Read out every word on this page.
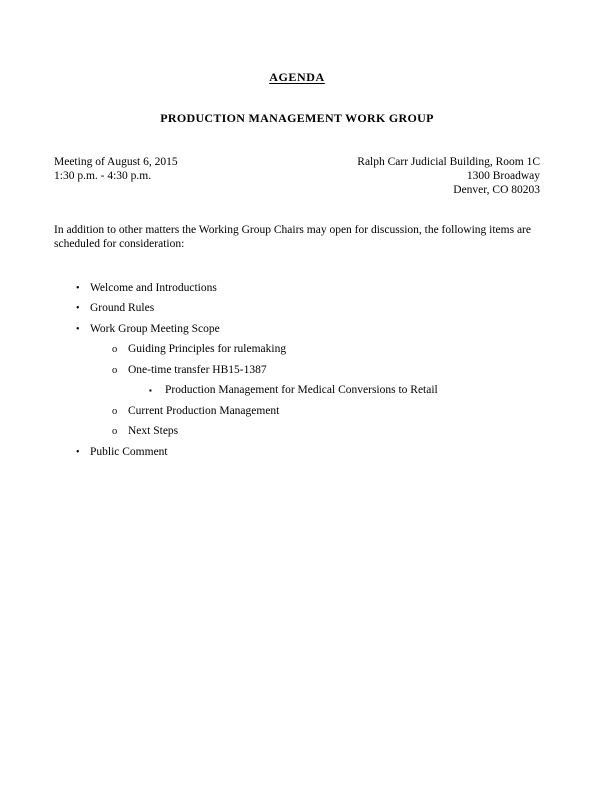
AGENDA
PRODUCTION MANAGEMENT WORK GROUP
Meeting of August 6, 2015
1:30 p.m. - 4:30 p.m.
Ralph Carr Judicial Building, Room 1C
1300 Broadway
Denver, CO 80203

In addition to other matters the Working Group Chairs may open for discussion, the following items are scheduled for consideration:

• Welcome and Introductions
• Ground Rules
• Work Group Meeting Scope
o Guiding Principles for rulemaking
o One-time transfer HB15-1387
▪ Production Management for Medical Conversions to Retail
o Current Production Management
o Next Steps
• Public Comment
